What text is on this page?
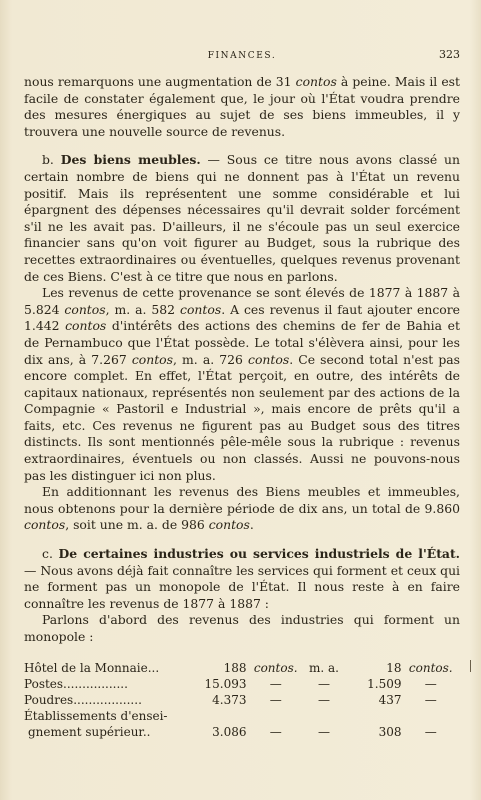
FINANCES.	323

nous remarquons une augmentation de 31 contos à peine. Mais il est facile de constater également que, le jour où l'État voudra prendre des mesures énergiques au sujet de ses biens immeubles, il y trouvera une nouvelle source de revenus.

b. Des biens meubles. — Sous ce titre nous avons classé un certain nombre de biens qui ne donnent pas à l'État un revenu positif. Mais ils représentent une somme considérable et lui épargnent des dépenses nécessaires qu'il devrait solder forcément s'il ne les avait pas. D'ailleurs, il ne s'écoule pas un seul exercice financier sans qu'on voit figurer au Budget, sous la rubrique des recettes extraordinaires ou éventuelles, quelques revenus provenant de ces Biens. C'est à ce titre que nous en parlons.

Les revenus de cette provenance se sont élevés de 1877 à 1887 à 5.824 contos, m. a. 582 contos. A ces revenus il faut ajouter encore 1.442 contos d'intérêts des actions des chemins de fer de Bahia et de Pernambuco que l'État possède. Le total s'élèvera ainsi, pour les dix ans, à 7.267 contos, m. a. 726 contos. Ce second total n'est pas encore complet. En effet, l'État perçoit, en outre, des intérêts de capitaux nationaux, représentés non seulement par des actions de la Compagnie « Pastoril e Industrial », mais encore de prêts qu'il a faits, etc. Ces revenus ne figurent pas au Budget sous des titres distincts. Ils sont mentionnés pêle-mêle sous la rubrique : revenus extraordinaires, éventuels ou non classés. Aussi ne pouvons-nous pas les distinguer ici non plus.

En additionnant les revenus des Biens meubles et immeubles, nous obtenons pour la dernière période de dix ans, un total de 9.860 contos, soit une m. a. de 986 contos.

c. De certaines industries ou services industriels de l'État. — Nous avons déjà fait connaître les services qui forment et ceux qui ne forment pas un monopole de l'État. Il nous reste à en faire connaître les revenus de 1877 à 1887 :

Parlons d'abord des revenus des industries qui forment un monopole :

Hôtel de la Monnaie...	188	contos.	m. a.	18	contos.
Postes.................	15.093	—	—	1.509	—
Poudres..................	4.373	—	—	437	—
Établissements d'ensei-					
gnement supérieur..	3.086	—	—	308	—
